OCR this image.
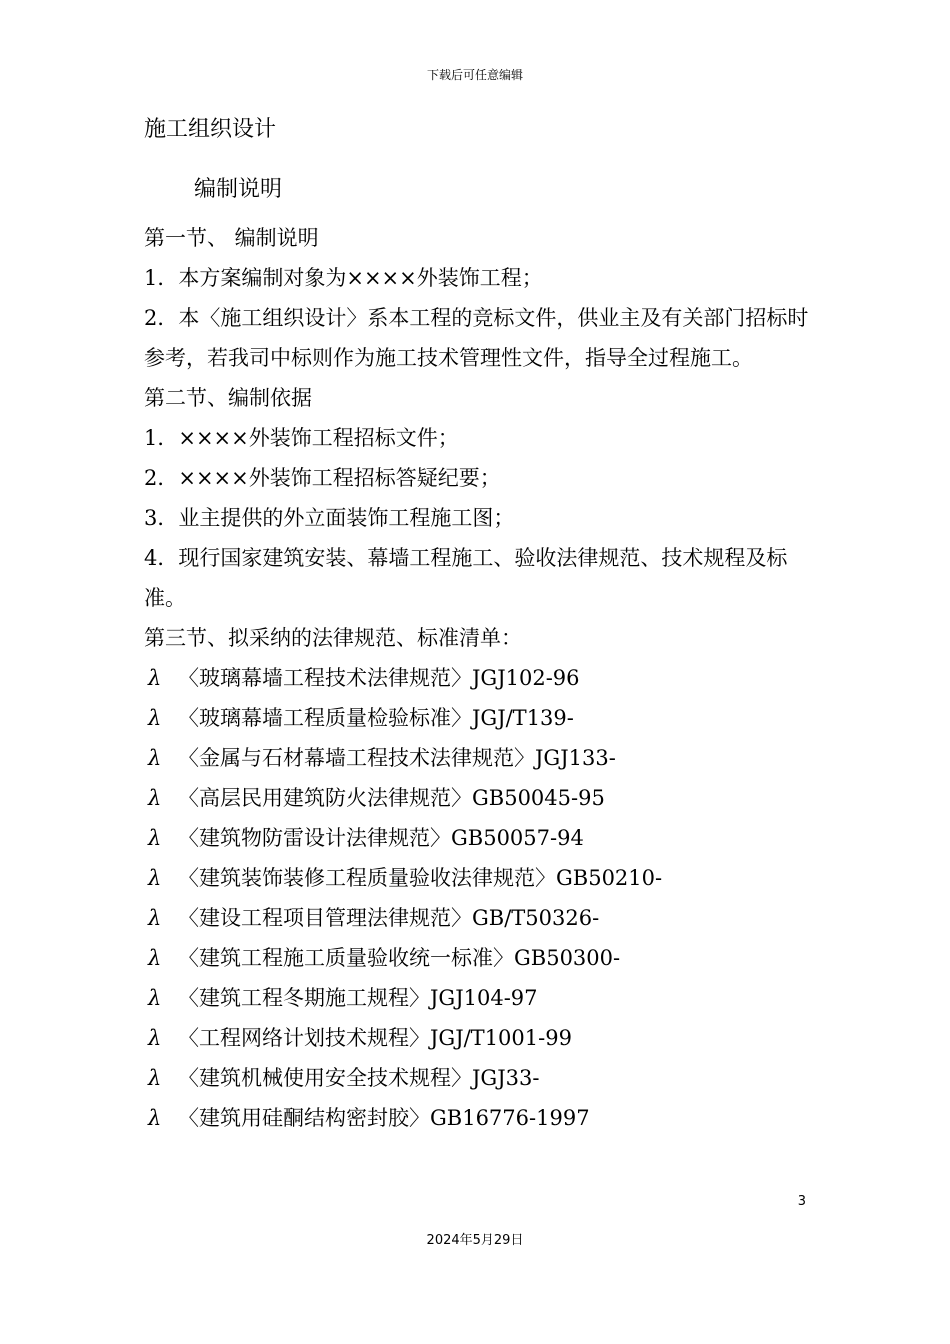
下载后可任意编辑
施工组织设计
编制说明
第一节、 编制说明
1．本方案编制对象为××××外装饰工程；
2．本〈施工组织设计〉系本工程的竞标文件，供业主及有关部门招标时参考，若我司中标则作为施工技术管理性文件，指导全过程施工。
第二节、编制依据
1．××××外装饰工程招标文件；
2．××××外装饰工程招标答疑纪要；
3．业主提供的外立面装饰工程施工图；
4．现行国家建筑安装、幕墙工程施工、验收法律规范、技术规程及标准。
第三节、拟采纳的法律规范、标准清单：
λ 〈玻璃幕墙工程技术法律规范〉JGJ102-96
λ 〈玻璃幕墙工程质量检验标准〉JGJ/T139-
λ 〈金属与石材幕墙工程技术法律规范〉JGJ133-
λ 〈高层民用建筑防火法律规范〉GB50045-95
λ 〈建筑物防雷设计法律规范〉GB50057-94
λ 〈建筑装饰装修工程质量验收法律规范〉GB50210-
λ 〈建设工程项目管理法律规范〉GB/T50326-
λ 〈建筑工程施工质量验收统一标准〉GB50300-
λ 〈建筑工程冬期施工规程〉JGJ104-97
λ 〈工程网络计划技术规程〉JGJ/T1001-99
λ 〈建筑机械使用安全技术规程〉JGJ33-
λ 〈建筑用硅酮结构密封胶〉GB16776-1997
3
2024年5月29日
